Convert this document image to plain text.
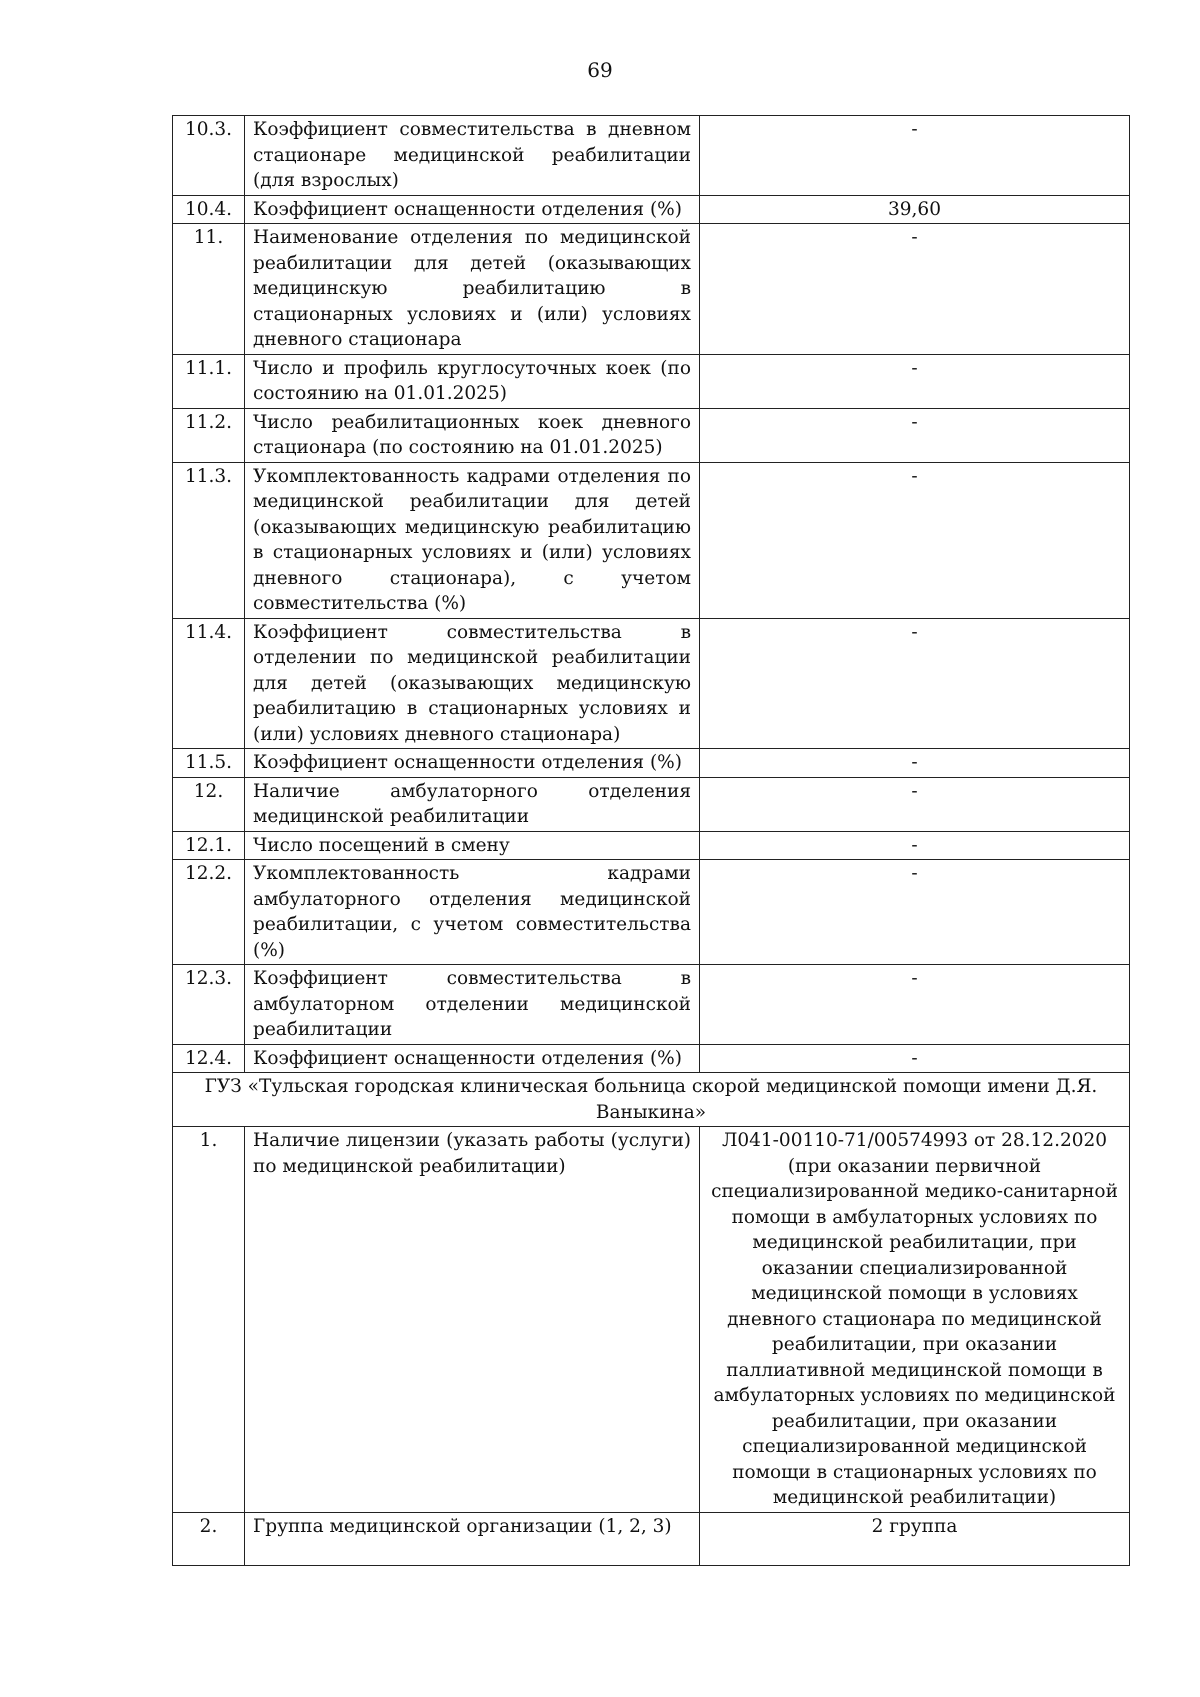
69
10.3.	Коэффициент совместительства в дневном стационаре медицинской реабилитации (для взрослых)	-
10.4.	Коэффициент оснащенности отделения (%)	39,60
11.	Наименование отделения по медицинской реабилитации для детей (оказывающих медицинскую реабилитацию в стационарных условиях и (или) условиях дневного стационара	-
11.1.	Число и профиль круглосуточных коек (по состоянию на 01.01.2025)	-
11.2.	Число реабилитационных коек дневного стационара (по состоянию на 01.01.2025)	-
11.3.	Укомплектованность кадрами отделения по медицинской реабилитации для детей (оказывающих медицинскую реабилитацию в стационарных условиях и (или) условиях дневного стационара), с учетом совместительства (%)	-
11.4.	Коэффициент совместительства в отделении по медицинской реабилитации для детей (оказывающих медицинскую реабилитацию в стационарных условиях и (или) условиях дневного стационара)	-
11.5.	Коэффициент оснащенности отделения (%)	-
12.	Наличие амбулаторного отделения медицинской реабилитации	-
12.1.	Число посещений в смену	-
12.2.	Укомплектованность кадрами амбулаторного отделения медицинской реабилитации, с учетом совместительства (%)	-
12.3.	Коэффициент совместительства в амбулаторном отделении медицинской реабилитации	-
12.4.	Коэффициент оснащенности отделения (%)	-
ГУЗ «Тульская городская клиническая больница скорой медицинской помощи имени Д.Я. Ваныкина»		
1.	Наличие лицензии (указать работы (услуги) по медицинской реабилитации)	Л041-00110-71/00574993 от 28.12.2020 (при оказании первичной специализированной медико-санитарной помощи в амбулаторных условиях по медицинской реабилитации, при оказании специализированной медицинской помощи в условиях дневного стационара по медицинской реабилитации, при оказании паллиативной медицинской помощи в амбулаторных условиях по медицинской реабилитации, при оказании специализированной медицинской помощи в стационарных условиях по медицинской реабилитации)
2.	Группа медицинской организации (1, 2, 3)	2 группа
